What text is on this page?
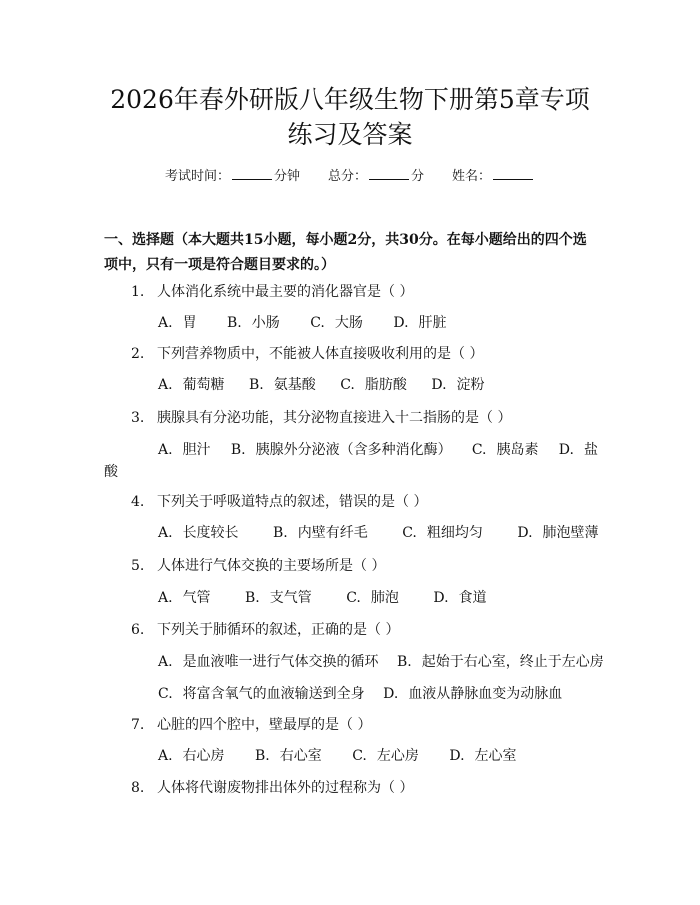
2026年春外研版八年级生物下册第5章专项
练习及答案
考试时间：	分钟 总分：	分 姓名：
一、选择题（本大题共15小题，每小题2分，共30分。在每小题给出的四个选
项中，只有一项是符合题目要求的。）
1. 人体消化系统中最主要的消化器官是（ ）
A. 胃 B. 小肠 C. 大肠 D. 肝脏
2. 下列营养物质中，不能被人体直接吸收利用的是（ ）
A. 葡萄糖 B. 氨基酸 C. 脂肪酸 D. 淀粉
3. 胰腺具有分泌功能，其分泌物直接进入十二指肠的是（ ）
A. 胆汁 B. 胰腺外分泌液（含多种消化酶） C. 胰岛素 D. 盐
酸
4. 下列关于呼吸道特点的叙述，错误的是（ ）
A. 长度较长 B. 内壁有纤毛 C. 粗细均匀 D. 肺泡壁薄
5. 人体进行气体交换的主要场所是（ ）
A. 气管 B. 支气管 C. 肺泡 D. 食道
6. 下列关于肺循环的叙述，正确的是（ ）
A. 是血液唯一进行气体交换的循环 B. 起始于右心室，终止于左心房
C. 将富含氧气的血液输送到全身 D. 血液从静脉血变为动脉血
7. 心脏的四个腔中，壁最厚的是（ ）
A. 右心房 B. 右心室 C. 左心房 D. 左心室
8. 人体将代谢废物排出体外的过程称为（ ）
